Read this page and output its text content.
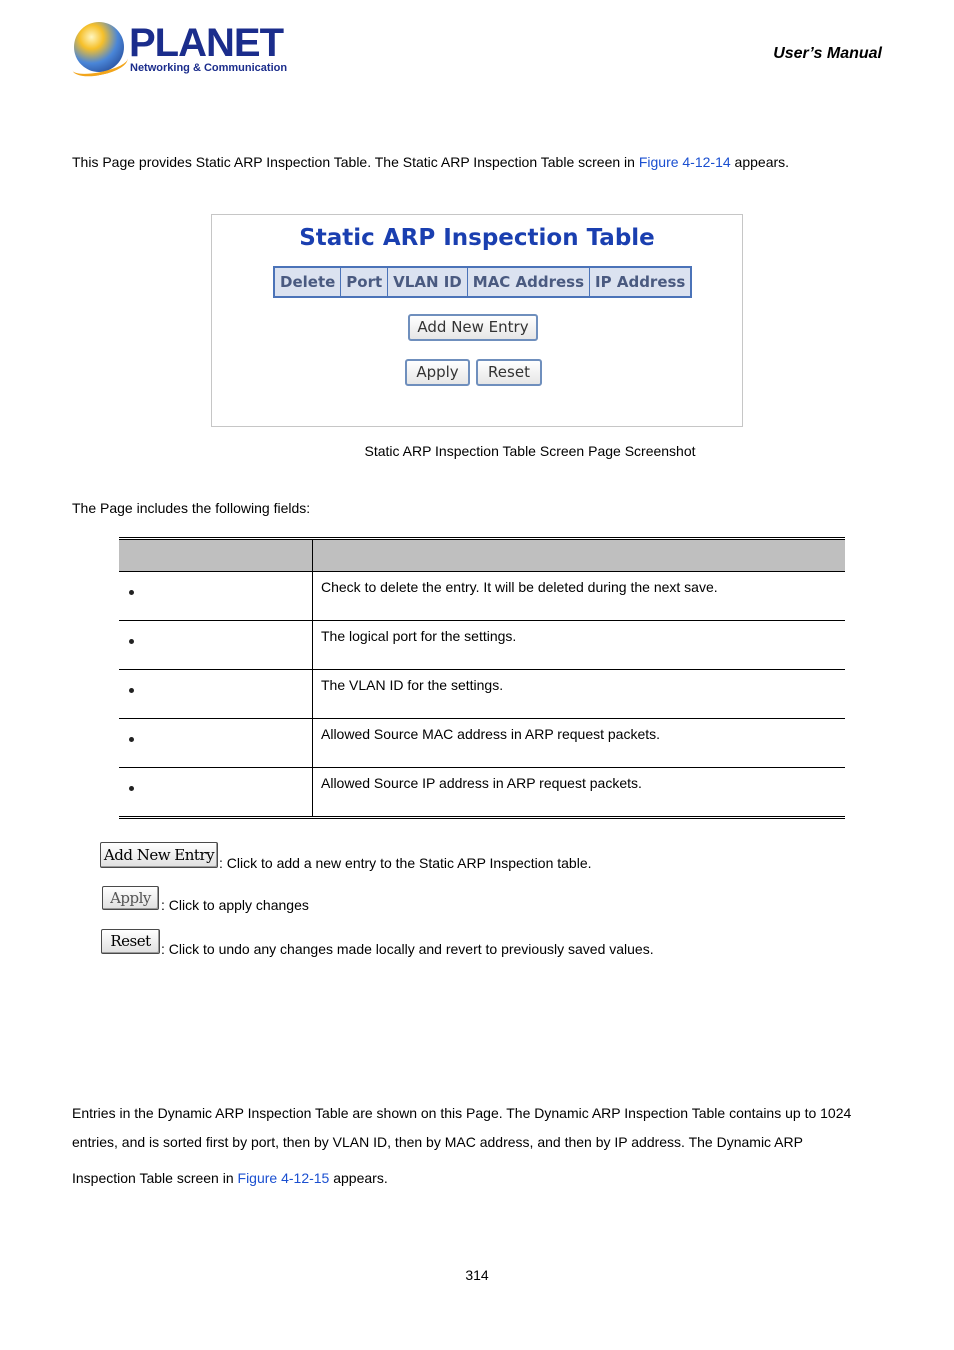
PLANET
Networking & Communication
User’s Manual
This Page provides Static ARP Inspection Table. The Static ARP Inspection Table screen in Figure 4-12-14 appears.
Static ARP Inspection Table
Delete	Port	VLAN ID	MAC Address	IP Address
Add New Entry
Apply	Reset
Static ARP Inspection Table Screen Page Screenshot
The Page includes the following fields:

	Check to delete the entry. It will be deleted during the next save.
	The logical port for the settings.
	The VLAN ID for the settings.
	Allowed Source MAC address in ARP request packets.
	Allowed Source IP address in ARP request packets.
Add New Entry : Click to add a new entry to the Static ARP Inspection table.
Apply : Click to apply changes
Reset : Click to undo any changes made locally and revert to previously saved values.
Entries in the Dynamic ARP Inspection Table are shown on this Page. The Dynamic ARP Inspection Table contains up to 1024
entries, and is sorted first by port, then by VLAN ID, then by MAC address, and then by IP address. The Dynamic ARP
Inspection Table screen in Figure 4-12-15 appears.
314
